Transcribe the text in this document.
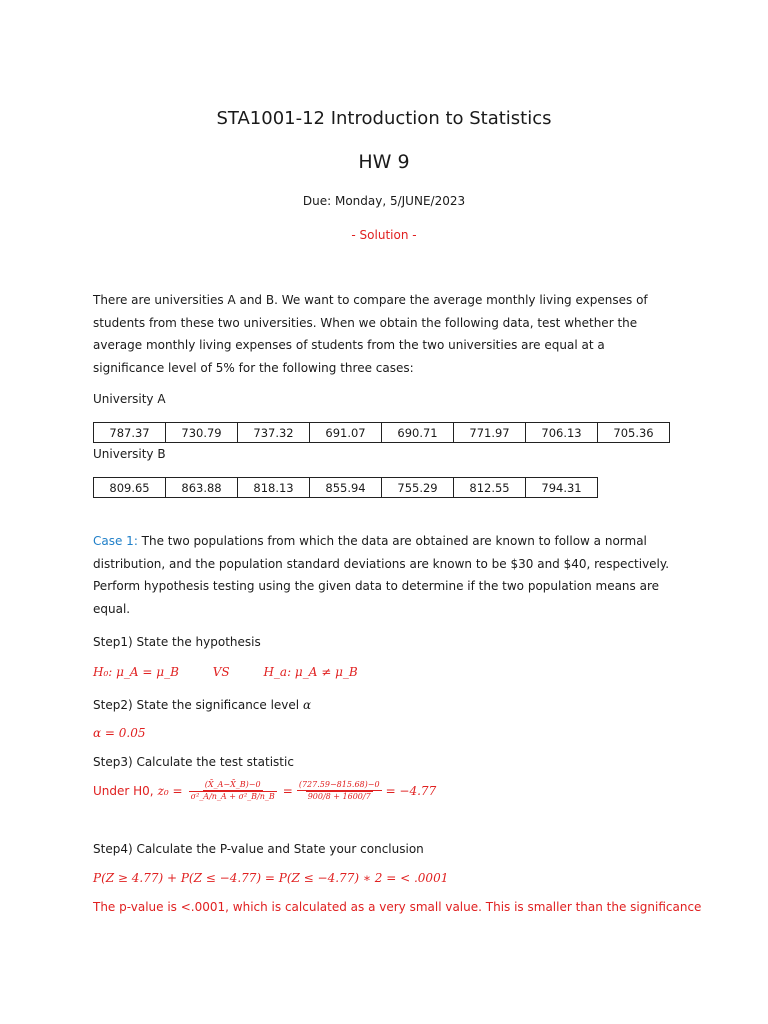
STA1001-12 Introduction to Statistics
HW 9
Due: Monday, 5/JUNE/2023
- Solution -
There are universities A and B. We want to compare the average monthly living expenses of students from these two universities. When we obtain the following data, test whether the average monthly living expenses of students from the two universities are equal at a significance level of 5% for the following three cases:
University A
787.37	730.79	737.32	691.07	690.71	771.97	706.13	705.36
University B
809.65	863.88	818.13	855.94	755.29	812.55	794.31
Case 1: The two populations from which the data are obtained are known to follow a normal distribution, and the population standard deviations are known to be $30 and $40, respectively. Perform hypothesis testing using the given data to determine if the two population means are equal.
Step1) State the hypothesis
H₀: μ_A = μ_B	VS	H_a: μ_A ≠ μ_B
Step2) State the significance level α
α = 0.05
Step3) Calculate the test statistic
Under H0, $z_0 = \frac{(X̄\_A-X̄\_B)-0}{\text{σ²\_A/n\_A + σ²\_B/n\_B}} = \frac{(727.59-815.68)-0}{900/8 + 1600/7} = -4.77$
Step4) Calculate the P-value and State your conclusion
P(Z ≥ 4.77) + P(Z ≤ −4.77) = P(Z ≤ −4.77) ∗ 2 = < .0001
The p-value is <.0001, which is calculated as a very small value. This is smaller than the significance
